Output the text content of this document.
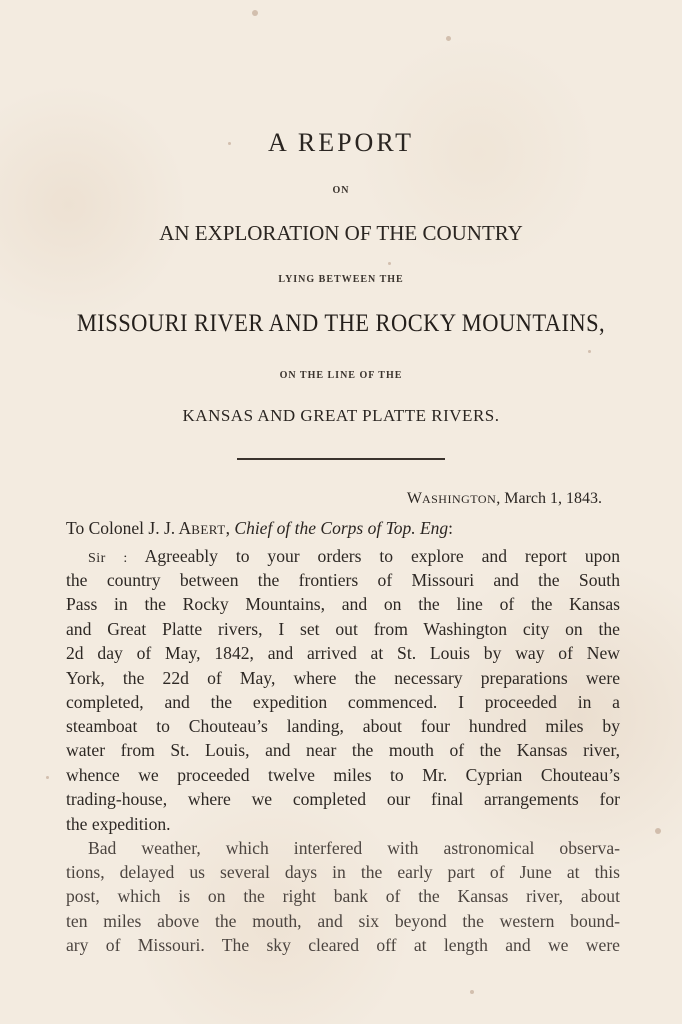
A REPORT
ON
AN EXPLORATION OF THE COUNTRY
LYING BETWEEN THE
MISSOURI RIVER AND THE ROCKY MOUNTAINS,
ON THE LINE OF THE
KANSAS AND GREAT PLATTE RIVERS.
WASHINGTON, March 1, 1843.
To Colonel J. J. ABERT, Chief of the Corps of Top. Eng:
Sir : Agreeably to your orders to explore and report upon
the country between the frontiers of Missouri and the South
Pass in the Rocky Mountains, and on the line of the Kansas
and Great Platte rivers, I set out from Washington city on the
2d day of May, 1842, and arrived at St. Louis by way of New
York, the 22d of May, where the necessary preparations were
completed, and the expedition commenced. I proceeded in a
steamboat to Chouteau’s landing, about four hundred miles by
water from St. Louis, and near the mouth of the Kansas river,
whence we proceeded twelve miles to Mr. Cyprian Chouteau’s
trading-house, where we completed our final arrangements for
the expedition.
Bad weather, which interfered with astronomical observa-
tions, delayed us several days in the early part of June at this
post, which is on the right bank of the Kansas river, about
ten miles above the mouth, and six beyond the western bound-
ary of Missouri. The sky cleared off at length and we were
